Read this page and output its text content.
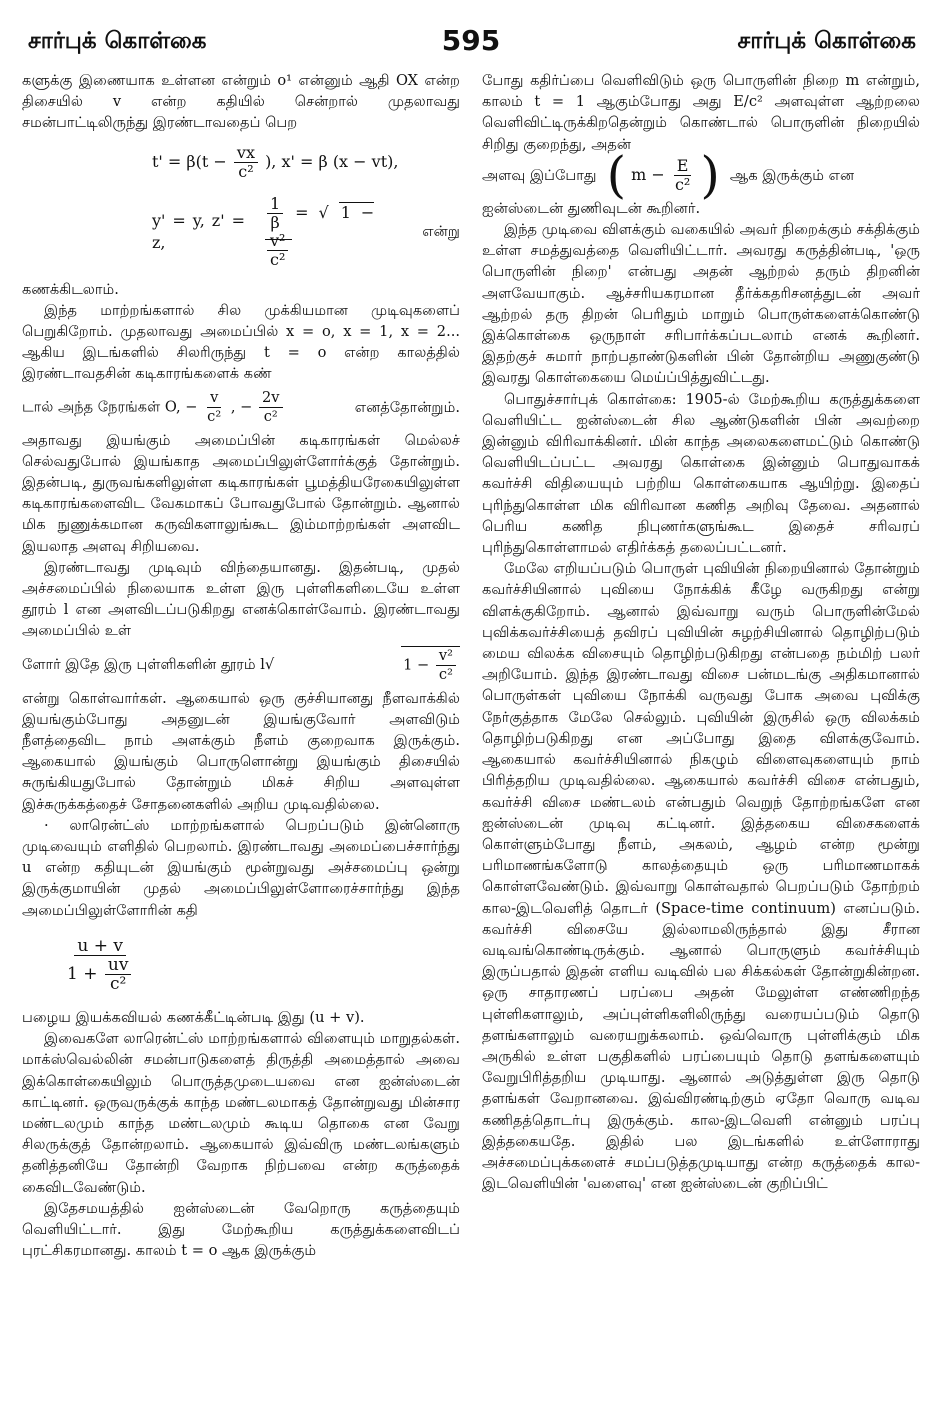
சார்புக் கொள்கை	595	சார்புக் கொள்கை

களுக்கு இணையாக உள்ளன என்றும் o¹ என்னும் ஆதி OX என்ற திசையில் v என்ற கதியில் சென்றால் முதலாவது சமன்பாட்டிலிருந்து இரண்டாவதைப் பெற

$t' = \beta(t - \frac{vx}{\text{c²}}$ ), x' = β (x − vt),
y' = y, z' = z,
$\frac{1}{\beta}$ = √ 1 −
$\frac{\text{v²}}{\text{c²}}$
என்று

கணக்கிடலாம்.

இந்த மாற்றங்களால் சில முக்கியமான முடிவுகளைப் பெறுகிறோம். முதலாவது அமைப்பில் x = o, x = 1, x = 2... ஆகிய இடங்களில் சிலரிருந்து t = o என்ற காலத்தில் இரண்டாவதசின் கடிகாரங்களைக் கண்

டால் அந்த நேரங்கள் O, − $\frac{v}{\text{c²}}$ , − $\frac{2v}{\text{c²}}$	எனத்தோன்றும்.

அதாவது இயங்கும் அமைப்பின் கடிகாரங்கள் மெல்லச் செல்வதுபோல் இயங்காத அமைப்பிலுள்ளோர்க்குத் தோன்றும். இதன்படி, துருவங்களிலுள்ள கடிகாரங்கள் பூமத்தியரேகையிலுள்ள கடிகாரங்களைவிட வேகமாகப் போவதுபோல் தோன்றும். ஆனால் மிக நுணுக்கமான கருவிகளாலுங்கூட இம்மாற்றங்கள் அளவிட இயலாத அளவு சிறியவை.

இரண்டாவது முடிவும் விந்தையானது. இதன்படி, முதல் அச்சமைப்பில் நிலையாக உள்ள இரு புள்ளிகளிடையே உள்ள தூரம் l என அளவிடப்படுகிறது எனக்கொள்வோம். இரண்டாவது அமைப்பில் உள்

ளோர் இதே இரு புள்ளிகளின் தூரம் l√	$1 - \frac{\text{v²}}{\text{c²}}$

என்று கொள்வார்கள். ஆகையால் ஒரு குச்சியானது நீளவாக்கில் இயங்கும்போது அதனுடன் இயங்குவோர் அளவிடும் நீளத்தைவிட நாம் அளக்கும் நீளம் குறைவாக இருக்கும். ஆகையால் இயங்கும் பொருளொன்று இயங்கும் திசையில் சுருங்கியதுபோல் தோன்றும் மிகச் சிறிய அளவுள்ள இச்சுருக்கத்தைச் சோதனைகளில் அறிய முடிவதில்லை.

· லாரென்ட்ஸ் மாற்றங்களால் பெறப்படும் இன்னொரு முடிவையும் எளிதில் பெறலாம். இரண்டாவது அமைப்பைச்சார்ந்து u என்ற கதியுடன் இயங்கும் மூன்றுவது அச்சமைப்பு ஒன்று இருக்குமாயின் முதல் அமைப்பிலுள்ளோரைச்சார்ந்து இந்த அமைப்பிலுள்ளோரின் கதி

$\frac{u + v}{1 + \frac{uv}{\text{c²}}}$

பழைய இயக்கவியல் கணக்கீட்டின்படி இது (u + v).

இவைகளே லாரென்ட்ஸ் மாற்றங்களால் விளையும் மாறுதல்கள். மாக்ஸ்வெல்லின் சமன்பாடுகளைத் திருத்தி அமைத்தால் அவை இக்கொள்கையிலும் பொருத்தமுடையவை என ஐன்ஸ்டைன் காட்டினர். ஒருவருக்குக் காந்த மண்டலமாகத் தோன்றுவது மின்சார மண்டலமும் காந்த மண்டலமும் கூடிய தொகை என வேறு சிலருக்குத் தோன்றலாம். ஆகையால் இவ்விரு மண்டலங்களும் தனித்தனியே தோன்றி வேறாக நிற்பவை என்ற கருத்தைக் கைவிடவேண்டும்.

இதேசமயத்தில் ஐன்ஸ்டைன் வேறொரு கருத்தையும் வெளியிட்டார். இது மேற்கூறிய கருத்துக்களைவிடப் புரட்சிகரமானது. காலம் t = o ஆக இருக்கும்

போது கதிர்ப்பை வெளிவிடும் ஒரு பொருளின் நிறை m என்றும், காலம் t = 1 ஆகும்போது அது E/c² அளவுள்ள ஆற்றலை வெளிவிட்டிருக்கிறதென்றும் கொண்டால் பொருளின் நிறையில் சிறிது குறைந்து, அதன்

அளவு இப்போது ( $m - \frac{E}{\text{c²}}$ ) ஆக இருக்கும் என

ஐன்ஸ்டைன் துணிவுடன் கூறினர்.

இந்த முடிவை விளக்கும் வகையில் அவர் நிறைக்கும் சக்திக்கும் உள்ள சமத்துவத்தை வெளியிட்டார். அவரது கருத்தின்படி, 'ஒரு பொருளின் நிறை' என்பது அதன் ஆற்றல் தரும் திறனின் அளவேயாகும். ஆச்சரியகரமான தீர்க்கதரிசனத்துடன் அவர் ஆற்றல் தரு திறன் பெரிதும் மாறும் பொருள்களைக்கொண்டு இக்கொள்கை ஒருநாள் சரிபார்க்கப்படலாம் எனக் கூறினர். இதற்குச் சுமார் நாற்பதாண்டுகளின் பின் தோன்றிய அணுகுண்டு இவரது கொள்கையை மெய்ப்பித்துவிட்டது.

பொதுச்சார்புக் கொள்கை: 1905-ல் மேற்கூறிய கருத்துக்களை வெளியிட்ட ஐன்ஸ்டைன் சில ஆண்டுகளின் பின் அவற்றை இன்னும் விரிவாக்கினர். மின் காந்த அலைகளைமட்டும் கொண்டு வெளியிடப்பட்ட அவரது கொள்கை இன்னும் பொதுவாகக் கவர்ச்சி விதியையும் பற்றிய கொள்கையாக ஆயிற்று. இதைப் புரிந்துகொள்ள மிக விரிவான கணித அறிவு தேவை. அதனால் பெரிய கணித நிபுணர்களுங்கூட இதைச் சரிவரப் புரிந்துகொள்ளாமல் எதிர்க்கத் தலைப்பட்டனர்.

மேலே எறியப்படும் பொருள் புவியின் நிறையினால் தோன்றும் கவர்ச்சியினால் புவியை நோக்கிக் கீழே வருகிறது என்று விளக்குகிறோம். ஆனால் இவ்வாறு வரும் பொருளின்மேல் புவிக்கவர்ச்சியைத் தவிரப் புவியின் சுழற்சியினால் தொழிற்படும் மைய விலக்க விசையும் தொழிற்படுகிறது என்பதை நம்மிற் பலர் அறியோம். இந்த இரண்டாவது விசை பன்மடங்கு அதிகமானால் பொருள்கள் புவியை நோக்கி வருவது போக அவை புவிக்கு நேர்குத்தாக மேலே செல்லும். புவியின் இருசில் ஒரு விலக்கம் தொழிற்படுகிறது என அப்போது இதை விளக்குவோம். ஆகையால் கவர்ச்சியினால் நிகழும் விளைவுகளையும் நாம் பிரித்தறிய முடிவதில்லை. ஆகையால் கவர்ச்சி விசை என்பதும், கவர்ச்சி விசை மண்டலம் என்பதும் வெறுந் தோற்றங்களே என ஐன்ஸ்டைன் முடிவு கட்டினர். இத்தகைய விசைகளைக் கொள்ளும்போது நீளம், அகலம், ஆழம் என்ற மூன்று பரிமாணங்களோடு காலத்தையும் ஒரு பரிமாணமாகக் கொள்ளவேண்டும். இவ்வாறு கொள்வதால் பெறப்படும் தோற்றம் கால-இடவெளித் தொடர் (Space-time continuum) எனப்படும். கவர்ச்சி விசையே இல்லாமலிருந்தால் இது சீரான வடிவங்கொண்டிருக்கும். ஆனால் பொருளும் கவர்ச்சியும் இருப்பதால் இதன் எளிய வடிவில் பல சிக்கல்கள் தோன்றுகின்றன. ஒரு சாதாரணப் பரப்பை அதன் மேலுள்ள எண்ணிறந்த புள்ளிகளாலும், அப்புள்ளிகளிலிருந்து வரையப்படும் தொடு தளங்களாலும் வரையறுக்கலாம். ஒவ்வொரு புள்ளிக்கும் மிக அருகில் உள்ள பகுதிகளில் பரப்பையும் தொடு தளங்களையும் வேறுபிரித்தறிய முடியாது. ஆனால் அடுத்துள்ள இரு தொடு தளங்கள் வேறானவை. இவ்விரண்டிற்கும் ஏதோ வொரு வடிவ கணிதத்தொடர்பு இருக்கும். கால-இடவெளி என்னும் பரப்பு இத்தகையதே. இதில் பல இடங்களில் உள்ளோராது அச்சமைப்புக்களைச் சமப்படுத்தமுடியாது என்ற கருத்தைக் கால-இடவெளியின் 'வளைவு' என ஐன்ஸ்டைன் குறிப்பிட்
